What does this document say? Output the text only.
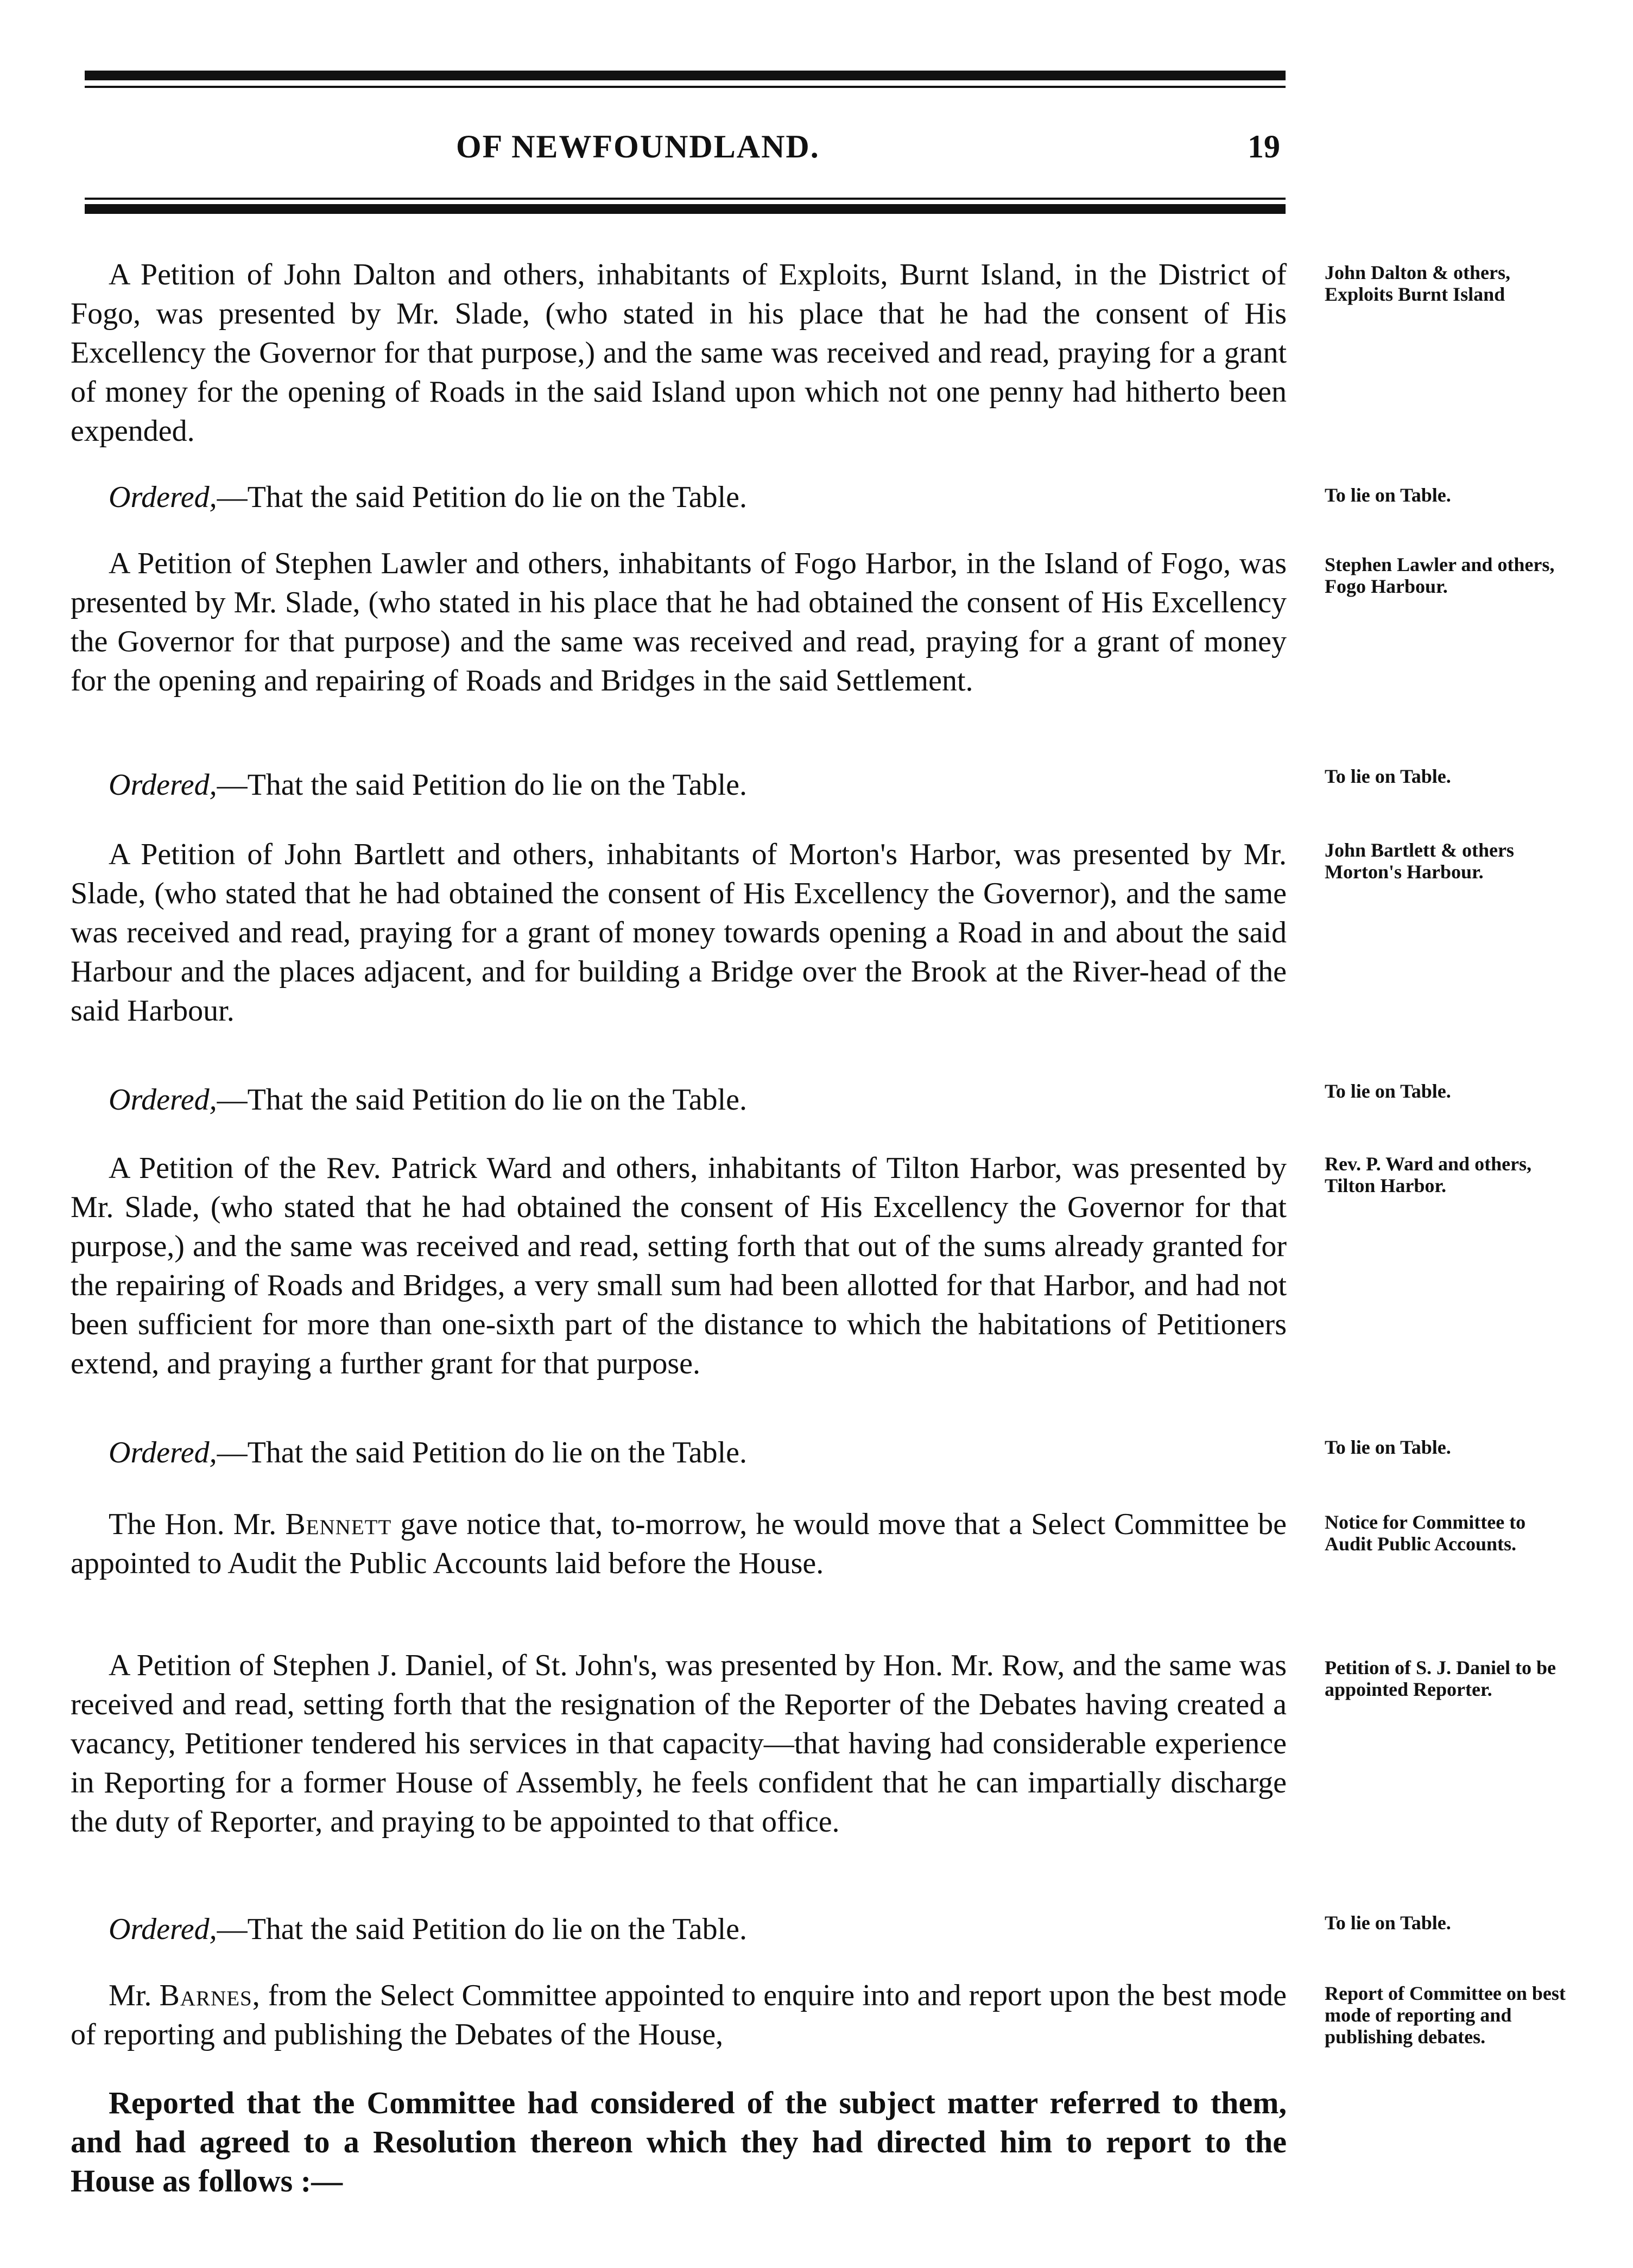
OF NEWFOUNDLAND.	19

A Petition of John Dalton and others, inhabitants of Exploits, Burnt Island, in the District of Fogo, was presented by Mr. Slade, (who stated in his place that he had the consent of His Excellency the Governor for that purpose,) and the same was received and read, praying for a grant of money for the opening of Roads in the said Island upon which not one penny had hitherto been expended.

John Dalton & others, Exploits Burnt Island

Ordered,—That the said Petition do lie on the Table.	To lie on Table.

A Petition of Stephen Lawler and others, inhabitants of Fogo Harbor, in the Island of Fogo, was presented by Mr. Slade, (who stated in his place that he had obtained the consent of His Excellency the Governor for that purpose) and the same was received and read, praying for a grant of money for the opening and repairing of Roads and Bridges in the said Settlement.

Stephen Lawler and others, Fogo Harbour.

Ordered,—That the said Petition do lie on the Table.	To lie on Table.

A Petition of John Bartlett and others, inhabitants of Morton's Harbor, was presented by Mr. Slade, (who stated that he had obtained the consent of His Excellency the Governor), and the same was received and read, praying for a grant of money towards opening a Road in and about the said Harbour and the places adjacent, and for building a Bridge over the Brook at the River-head of the said Harbour.

John Bartlett & others Morton's Harbour.

Ordered,—That the said Petition do lie on the Table.	To lie on Table.

A Petition of the Rev. Patrick Ward and others, inhabitants of Tilton Harbor, was presented by Mr. Slade, (who stated that he had obtained the consent of His Excellency the Governor for that purpose,) and the same was received and read, setting forth that out of the sums already granted for the repairing of Roads and Bridges, a very small sum had been allotted for that Harbor, and had not been sufficient for more than one-sixth part of the distance to which the habitations of Petitioners extend, and praying a further grant for that purpose.

Rev. P. Ward and others, Tilton Harbor.

Ordered,—That the said Petition do lie on the Table.	To lie on Table.

The Hon. Mr. Bennett gave notice that, to-morrow, he would move that a Select Committee be appointed to Audit the Public Accounts laid before the House.

Notice for Committee to Audit Public Accounts.

A Petition of Stephen J. Daniel, of St. John's, was presented by Hon. Mr. Row, and the same was received and read, setting forth that the resignation of the Reporter of the Debates having created a vacancy, Petitioner tendered his services in that capacity—that having had considerable experience in Reporting for a former House of Assembly, he feels confident that he can impartially discharge the duty of Reporter, and praying to be appointed to that office.

Petition of S. J. Daniel to be appointed Reporter.

Ordered,—That the said Petition do lie on the Table.	To lie on Table.

Mr. Barnes, from the Select Committee appointed to enquire into and report upon the best mode of reporting and publishing the Debates of the House,

Report of Committee on best mode of reporting and publishing debates.

Reported that the Committee had considered of the subject matter referred to them, and had agreed to a Resolution thereon which they had directed him to report to the House as follows :—
